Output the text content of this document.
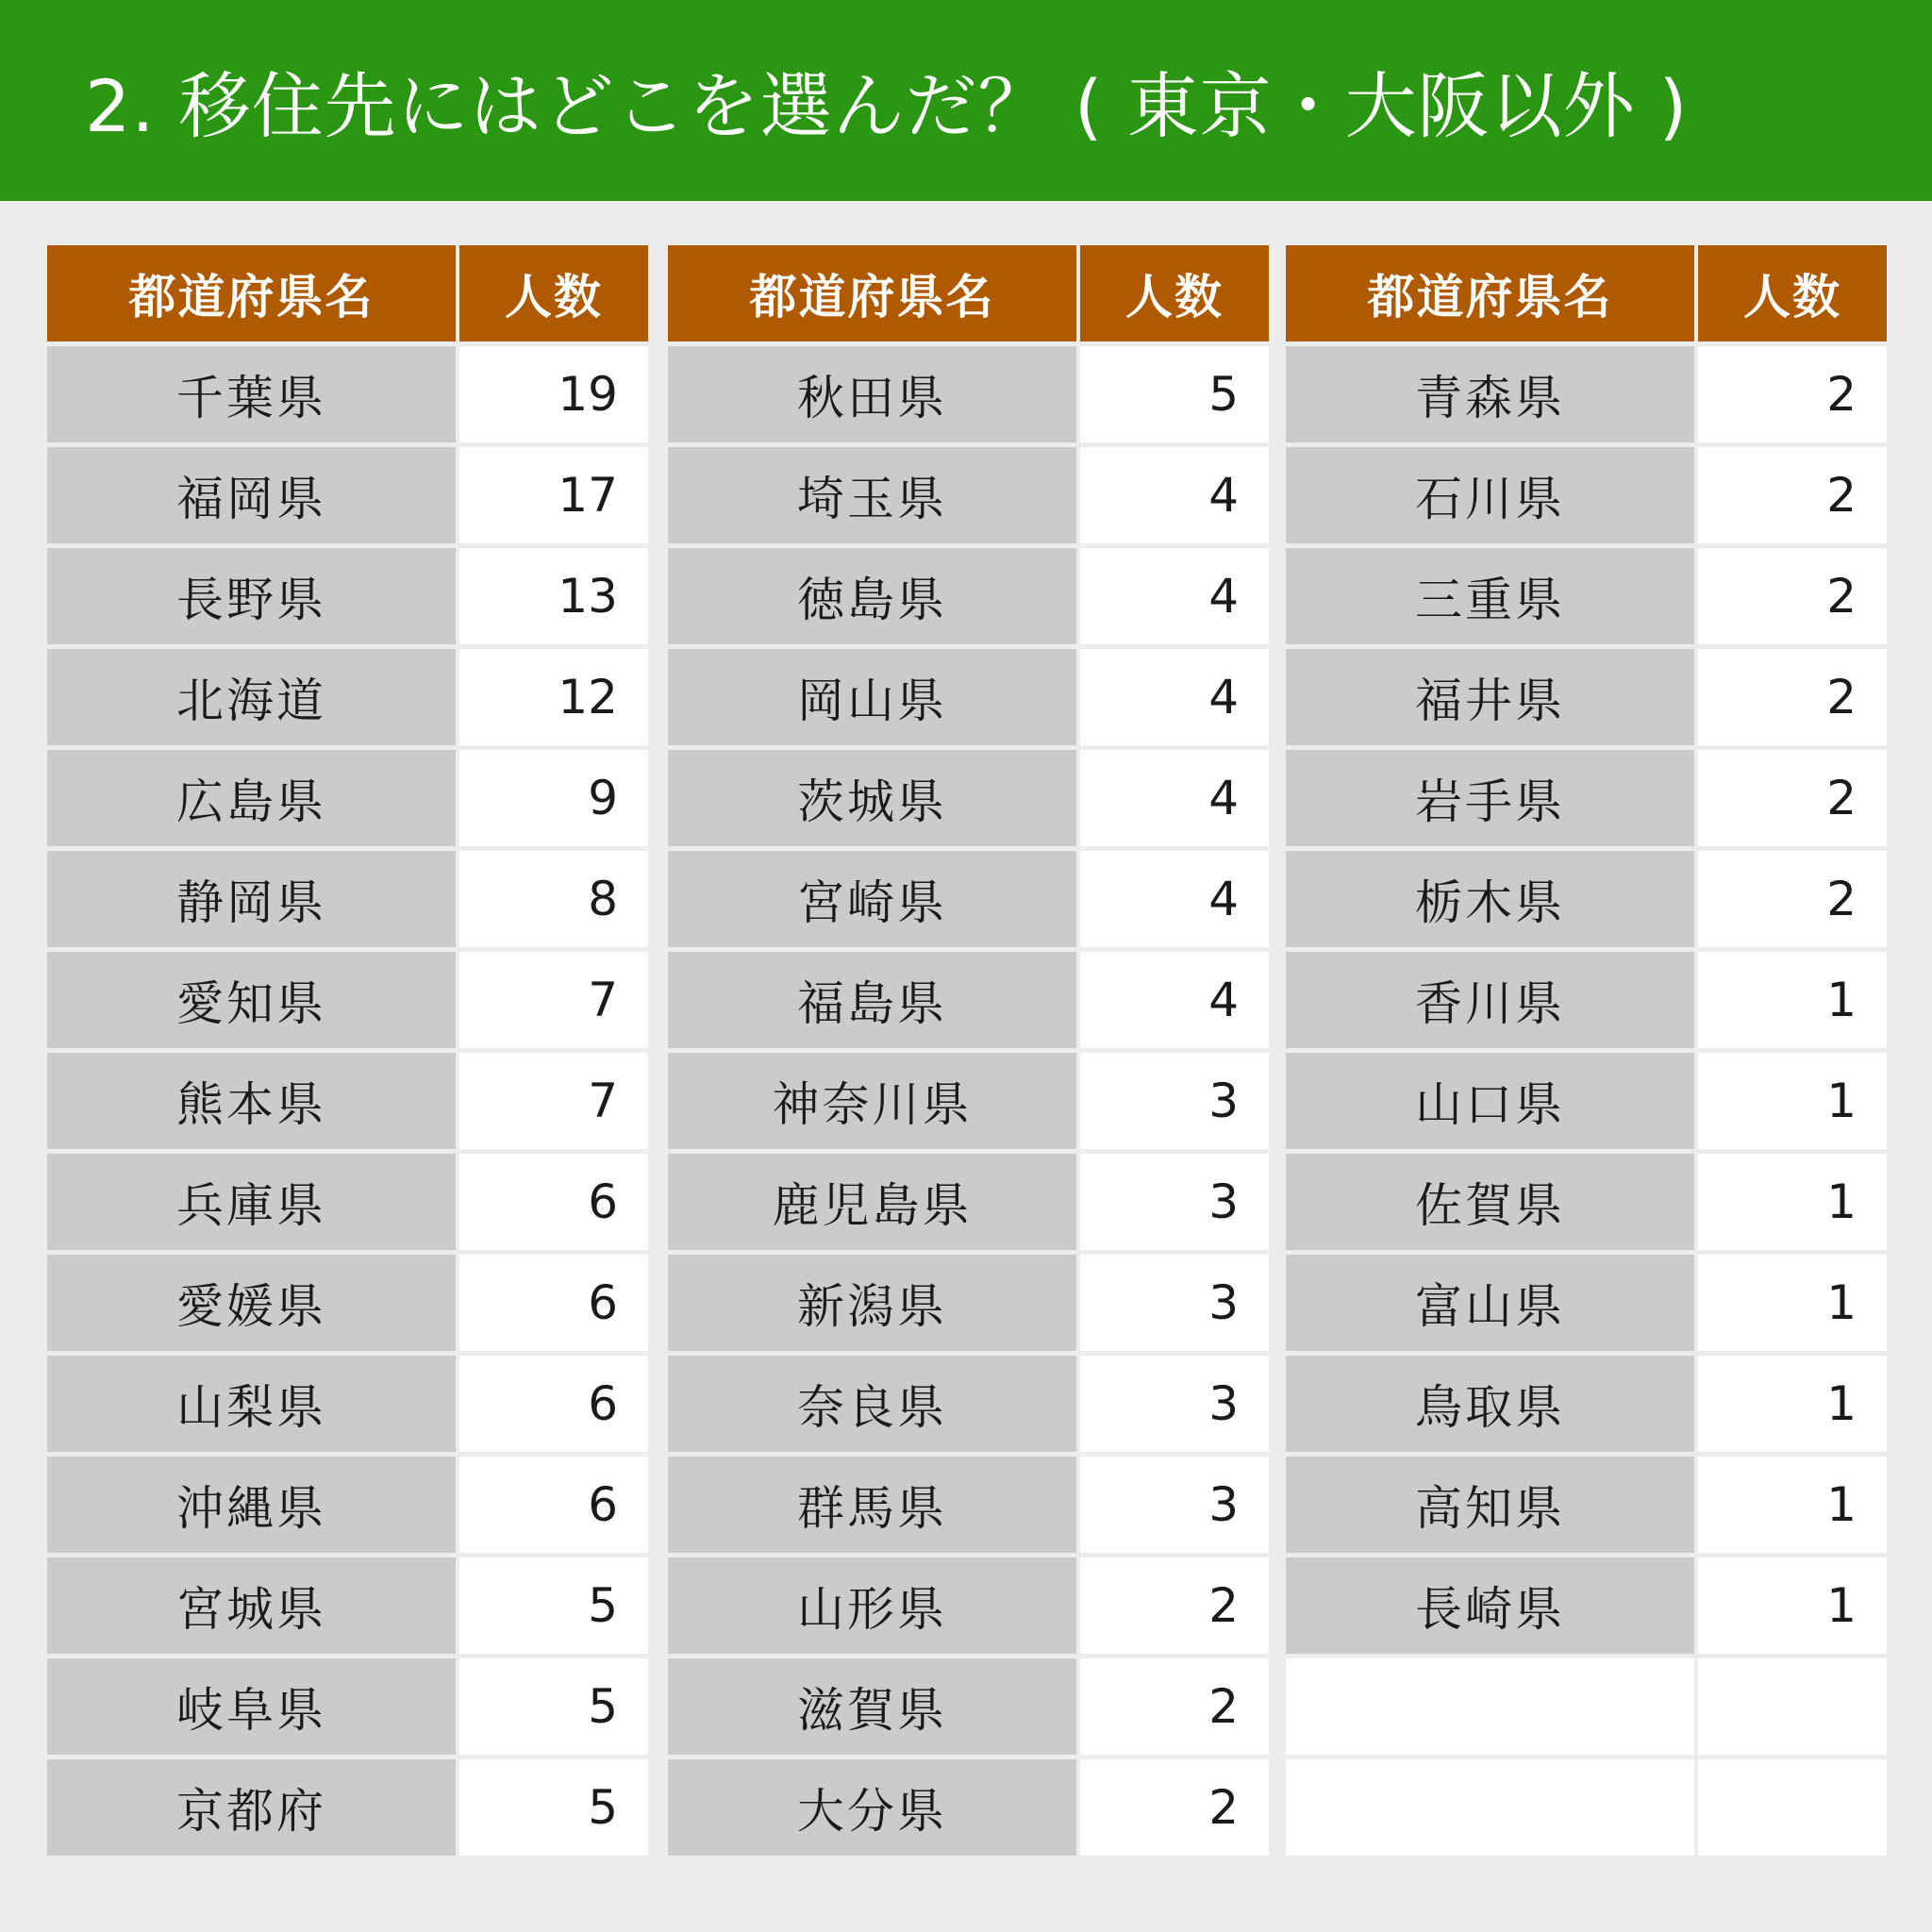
2. 移住先にはどこを選んだ？ ( 東京・大阪以外 )
都道府県名	人数
千葉県	19
福岡県	17
長野県	13
北海道	12
広島県	9
静岡県	8
愛知県	7
熊本県	7
兵庫県	6
愛媛県	6
山梨県	6
沖縄県	6
宮城県	5
岐阜県	5
京都府	5
都道府県名	人数
秋田県	5
埼玉県	4
徳島県	4
岡山県	4
茨城県	4
宮崎県	4
福島県	4
神奈川県	3
鹿児島県	3
新潟県	3
奈良県	3
群馬県	3
山形県	2
滋賀県	2
大分県	2
都道府県名	人数
青森県	2
石川県	2
三重県	2
福井県	2
岩手県	2
栃木県	2
香川県	1
山口県	1
佐賀県	1
富山県	1
鳥取県	1
高知県	1
長崎県	1
